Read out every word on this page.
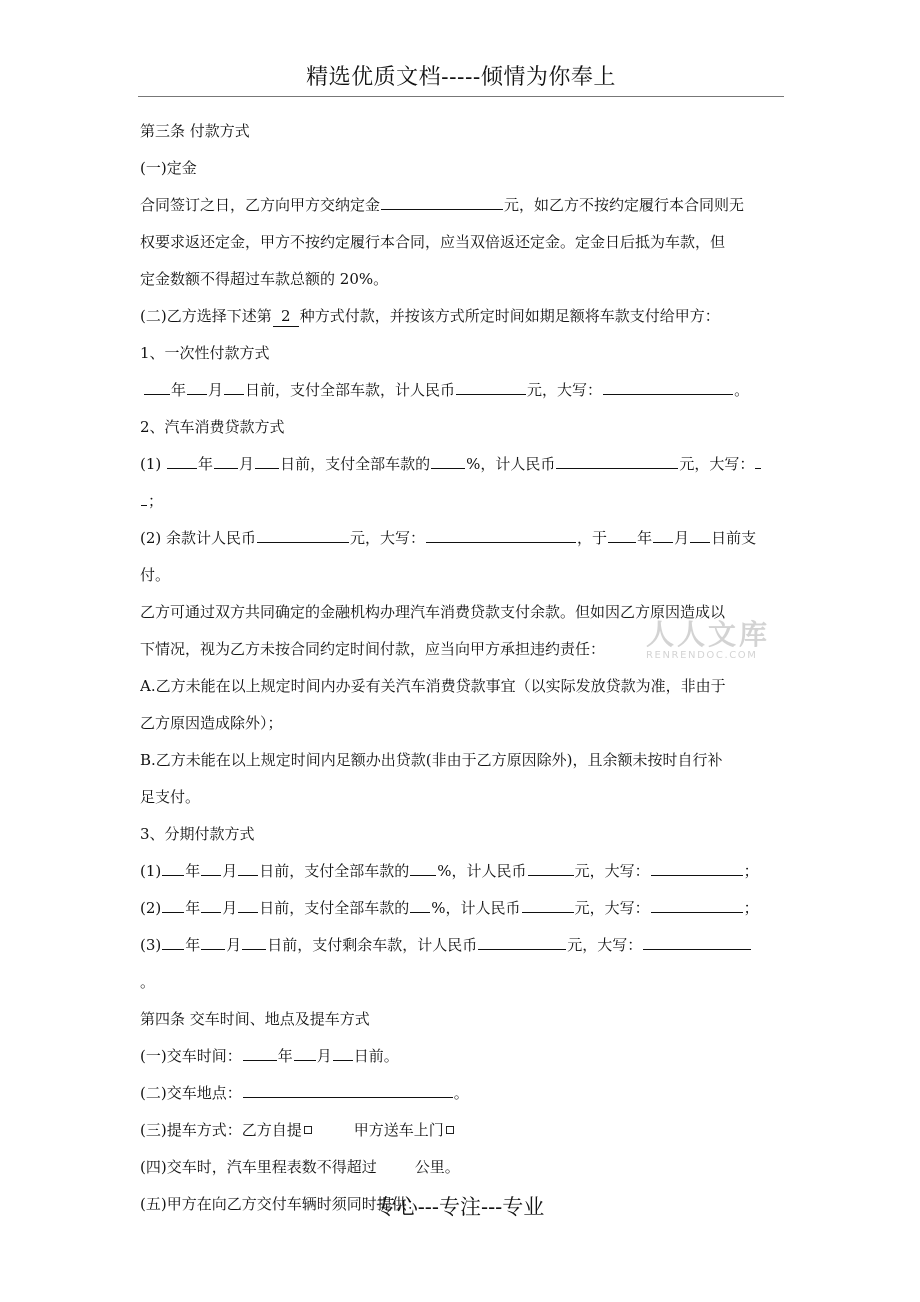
精选优质文档-----倾情为你奉上
人人文库
RENRENDOC.COM
第三条 付款方式
(一)定金
合同签订之日，乙方向甲方交纳定金	元，如乙方不按约定履行本合同则无
权要求返还定金，甲方不按约定履行本合同，应当双倍返还定金。定金日后抵为车款，但
定金数额不得超过车款总额的 20%。
(二)乙方选择下述第 2 种方式付款，并按该方式所定时间如期足额将车款支付给甲方：
1、一次性付款方式
年 月 日前，支付全部车款，计人民币	元，大写：	。
2、汽车消费贷款方式
(1) 年 月 日前，支付全部车款的 %，计人民币	元，大写：
；
(2) 余款计人民币	元，大写：	，于 年 月 日前支
付。
乙方可通过双方共同确定的金融机构办理汽车消费贷款支付余款。但如因乙方原因造成以
下情况，视为乙方未按合同约定时间付款，应当向甲方承担违约责任：
A.乙方未能在以上规定时间内办妥有关汽车消费贷款事宜（以实际发放贷款为准，非由于
乙方原因造成除外）；
B.乙方未能在以上规定时间内足额办出贷款(非由于乙方原因除外)，且余额未按时自行补
足支付。
3、分期付款方式
(1) 年 月 日前，支付全部车款的 %，计人民币	元，大写：	；
(2) 年 月 日前，支付全部车款的 %，计人民币	元，大写：	；
(3) 年 月 日前，支付剩余车款，计人民币	元，大写：
。
第四条 交车时间、地点及提车方式
(一)交车时间： 年 月 日前。
(二)交车地点：	。
(三)提车方式：乙方自提	甲方送车上门
(四)交车时，汽车里程表数不得超过	公里。
(五)甲方在向乙方交付车辆时须同时提供：
专心---专注---专业
